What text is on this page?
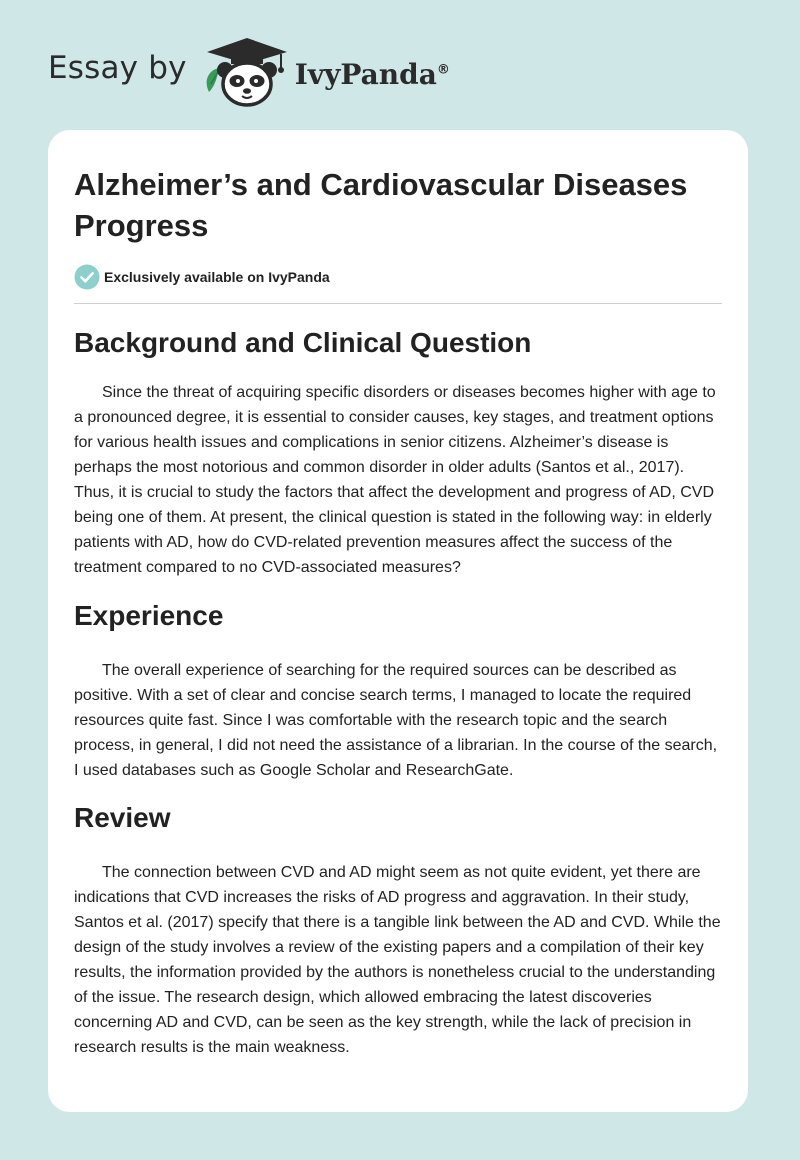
Essay by	IvyPanda®
Alzheimer’s and Cardiovascular Diseases Progress
Exclusively available on IvyPanda
Background and Clinical Question

Since the threat of acquiring specific disorders or diseases becomes higher with age to a pronounced degree, it is essential to consider causes, key stages, and treatment options for various health issues and complications in senior citizens. Alzheimer’s disease is perhaps the most notorious and common disorder in older adults (Santos et al., 2017). Thus, it is crucial to study the factors that affect the development and progress of AD, CVD being one of them. At present, the clinical question is stated in the following way: in elderly patients with AD, how do CVD-related prevention measures affect the success of the treatment compared to no CVD-associated measures?

Experience

The overall experience of searching for the required sources can be described as positive. With a set of clear and concise search terms, I managed to locate the required resources quite fast. Since I was comfortable with the research topic and the search process, in general, I did not need the assistance of a librarian. In the course of the search, I used databases such as Google Scholar and ResearchGate.

Review

The connection between CVD and AD might seem as not quite evident, yet there are indications that CVD increases the risks of AD progress and aggravation. In their study, Santos et al. (2017) specify that there is a tangible link between the AD and CVD. While the design of the study involves a review of the existing papers and a compilation of their key results, the information provided by the authors is nonetheless crucial to the understanding of the issue. The research design, which allowed embracing the latest discoveries concerning AD and CVD, can be seen as the key strength, while the lack of precision in research results is the main weakness.
